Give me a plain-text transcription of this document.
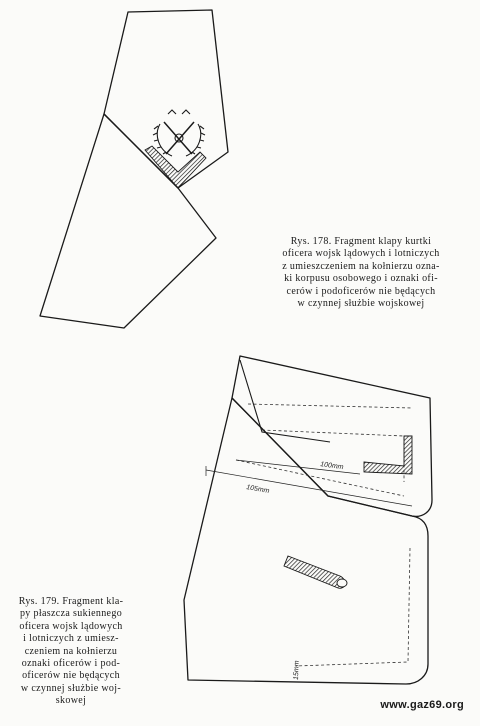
100mm
105mm
15mm
Rys. 178. Fragment klapy kurtki
oficera wojsk lądowych i lotniczych
z umieszczeniem na kołnierzu ozna-
ki korpusu osobowego i oznaki ofi-
cerów i podoficerów nie będących
w czynnej służbie wojskowej
Rys. 179. Fragment kla-
py płaszcza sukiennego
oficera wojsk lądowych
i lotniczych z umiesz-
czeniem na kołnierzu
oznaki oficerów i pod-
oficerów nie będących
w czynnej służbie woj-
skowej	www.gaz69.org
